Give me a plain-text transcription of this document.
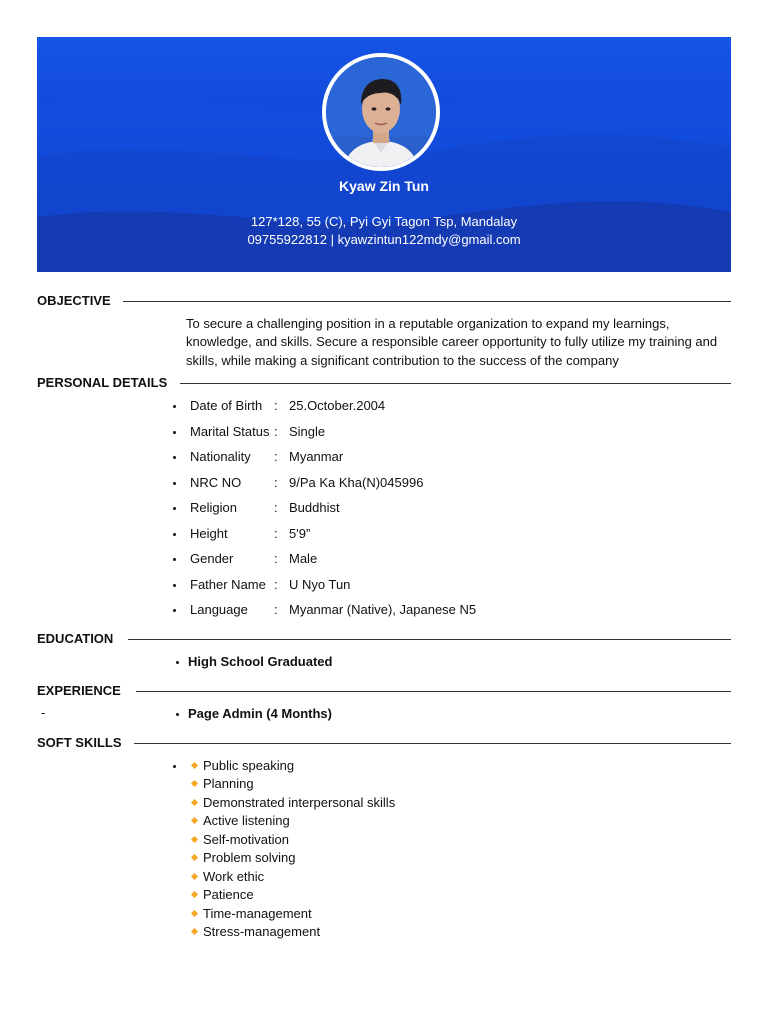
Kyaw Zin Tun
127*128, 55 (C), Pyi Gyi Tagon Tsp, Mandalay
09755922812 | kyawzintun122mdy@gmail.com
OBJECTIVE
To secure a challenging position in a reputable organization to expand my learnings,
knowledge, and skills. Secure a responsible career opportunity to fully utilize my training and
skills, while making a significant contribution to the success of the company
PERSONAL DETAILS
Date of Birth : 25.October.2004
Marital Status : Single
Nationality : Myanmar
NRC NO	: 9/Pa Ka Kha(N)045996
Religion	: Buddhist
Height	: 5'9”
Gender	: Male
Father Name : U Nyo Tun
Language : Myanmar (Native), Japanese N5
EDUCATION
High School Graduated
EXPERIENCE
-	Page Admin (4 Months)
SOFT SKILLS
Public speaking
Planning
Demonstrated interpersonal skills
Active listening
Self-motivation
Problem solving
Work ethic
Patience
Time-management
Stress-management
